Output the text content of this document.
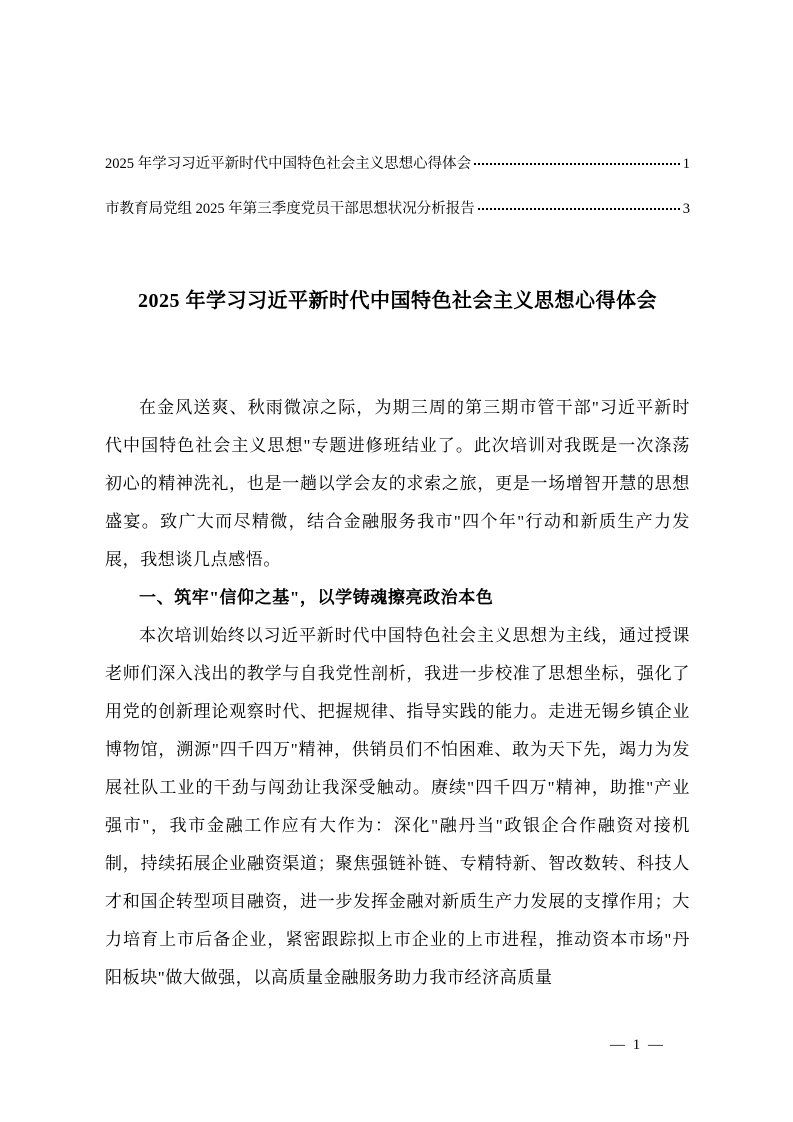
2025 年学习习近平新时代中国特色社会主义思想心得体会	1
市教育局党组 2025 年第三季度党员干部思想状况分析报告	3
2025 年学习习近平新时代中国特色社会主义思想心得体会

在金风送爽、秋雨微凉之际，为期三周的第三期市管干部"习近平新时代中国特色社会主义思想"专题进修班结业了。此次培训对我既是一次涤荡初心的精神洗礼，也是一趟以学会友的求索之旅，更是一场增智开慧的思想盛宴。致广大而尽精微，结合金融服务我市"四个年"行动和新质生产力发展，我想谈几点感悟。

一、筑牢"信仰之基"，以学铸魂擦亮政治本色

本次培训始终以习近平新时代中国特色社会主义思想为主线，通过授课老师们深入浅出的教学与自我党性剖析，我进一步校准了思想坐标，强化了用党的创新理论观察时代、把握规律、指导实践的能力。走进无锡乡镇企业博物馆，溯源"四千四万"精神，供销员们不怕困难、敢为天下先，竭力为发展社队工业的干劲与闯劲让我深受触动。赓续"四千四万"精神，助推"产业强市"，我市金融工作应有大作为：深化"融丹当"政银企合作融资对接机制，持续拓展企业融资渠道；聚焦强链补链、专精特新、智改数转、科技人才和国企转型项目融资，进一步发挥金融对新质生产力发展的支撑作用；大力培育上市后备企业，紧密跟踪拟上市企业的上市进程，推动资本市场"丹阳板块"做大做强，以高质量金融服务助力我市经济高质量

— 1 —
